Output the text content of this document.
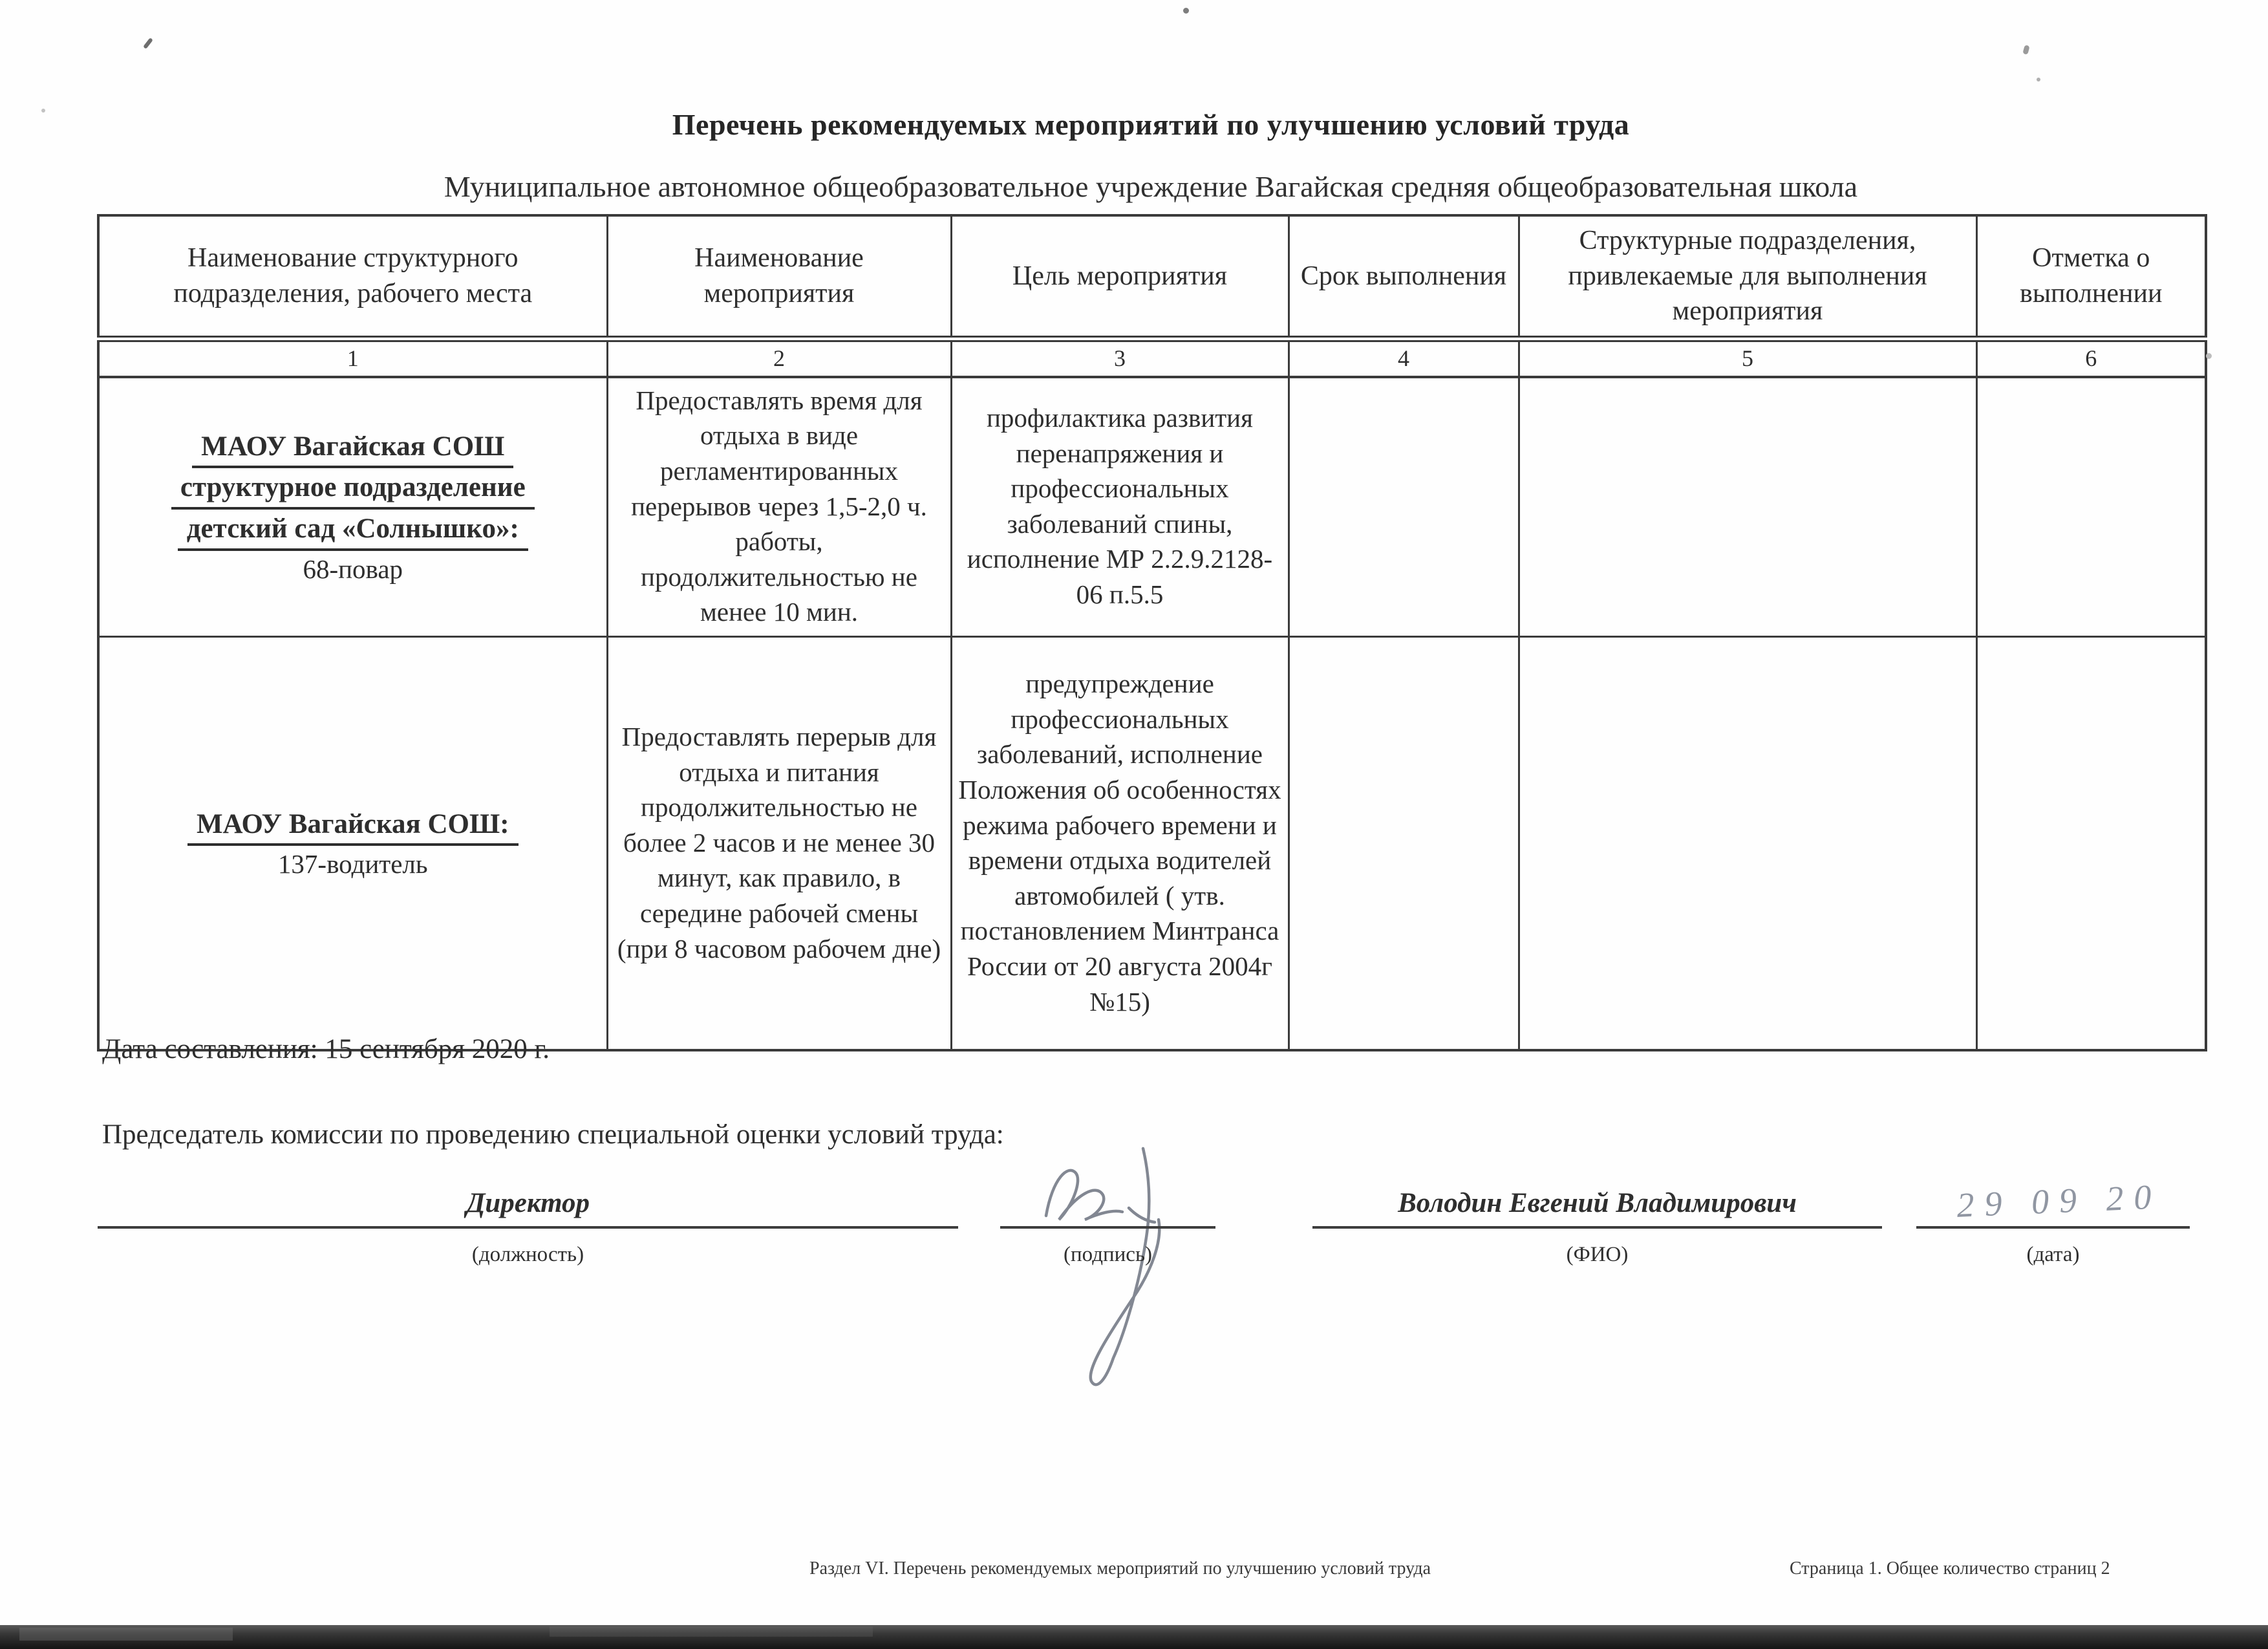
Перечень рекомендуемых мероприятий по улучшению условий труда
Муниципальное автономное общеобразовательное учреждение Вагайская средняя общеобразовательная школа
Наименование структурного подразделения, рабочего места	Наименование мероприятия	Цель мероприятия	Срок выполнения	Структурные подразделения, привлекаемые для выполнения мероприятия	Отметка о выполнении
1	2	3	4	5	6

МАОУ Вагайская СОШ
структурное подразделение
детский сад «Солнышко»:
68-повар	Предоставлять время для отдыха в виде регламентированных перерывов через 1,5-2,0 ч. работы, продолжительностью не менее 10 мин.	профилактика развития перенапряжения и профессиональных заболеваний спины, исполнение МР 2.2.9.2128-06 п.5.5			

МАОУ Вагайская СОШ:
137-водитель	Предоставлять перерыв для отдыха и питания продолжительностью не более 2 часов и не менее 30 минут, как правило, в середине рабочей смены (при 8 часовом рабочем дне)	предупреждение профессиональных заболеваний, исполнение Положения об особенностях режима рабочего времени и времени отдыха водителей автомобилей ( утв. постановлением Минтранса России от 20 августа 2004г №15)			
Дата составления: 15 сентября 2020 г.
Председатель комиссии по проведению специальной оценки условий труда:
Директор	Володин Евгений Владимирович	29 09 20
(должность)	(подпись)	(ФИО)	(дата)
Раздел VI. Перечень рекомендуемых мероприятий по улучшению условий труда	Страница 1. Общее количество страниц 2
